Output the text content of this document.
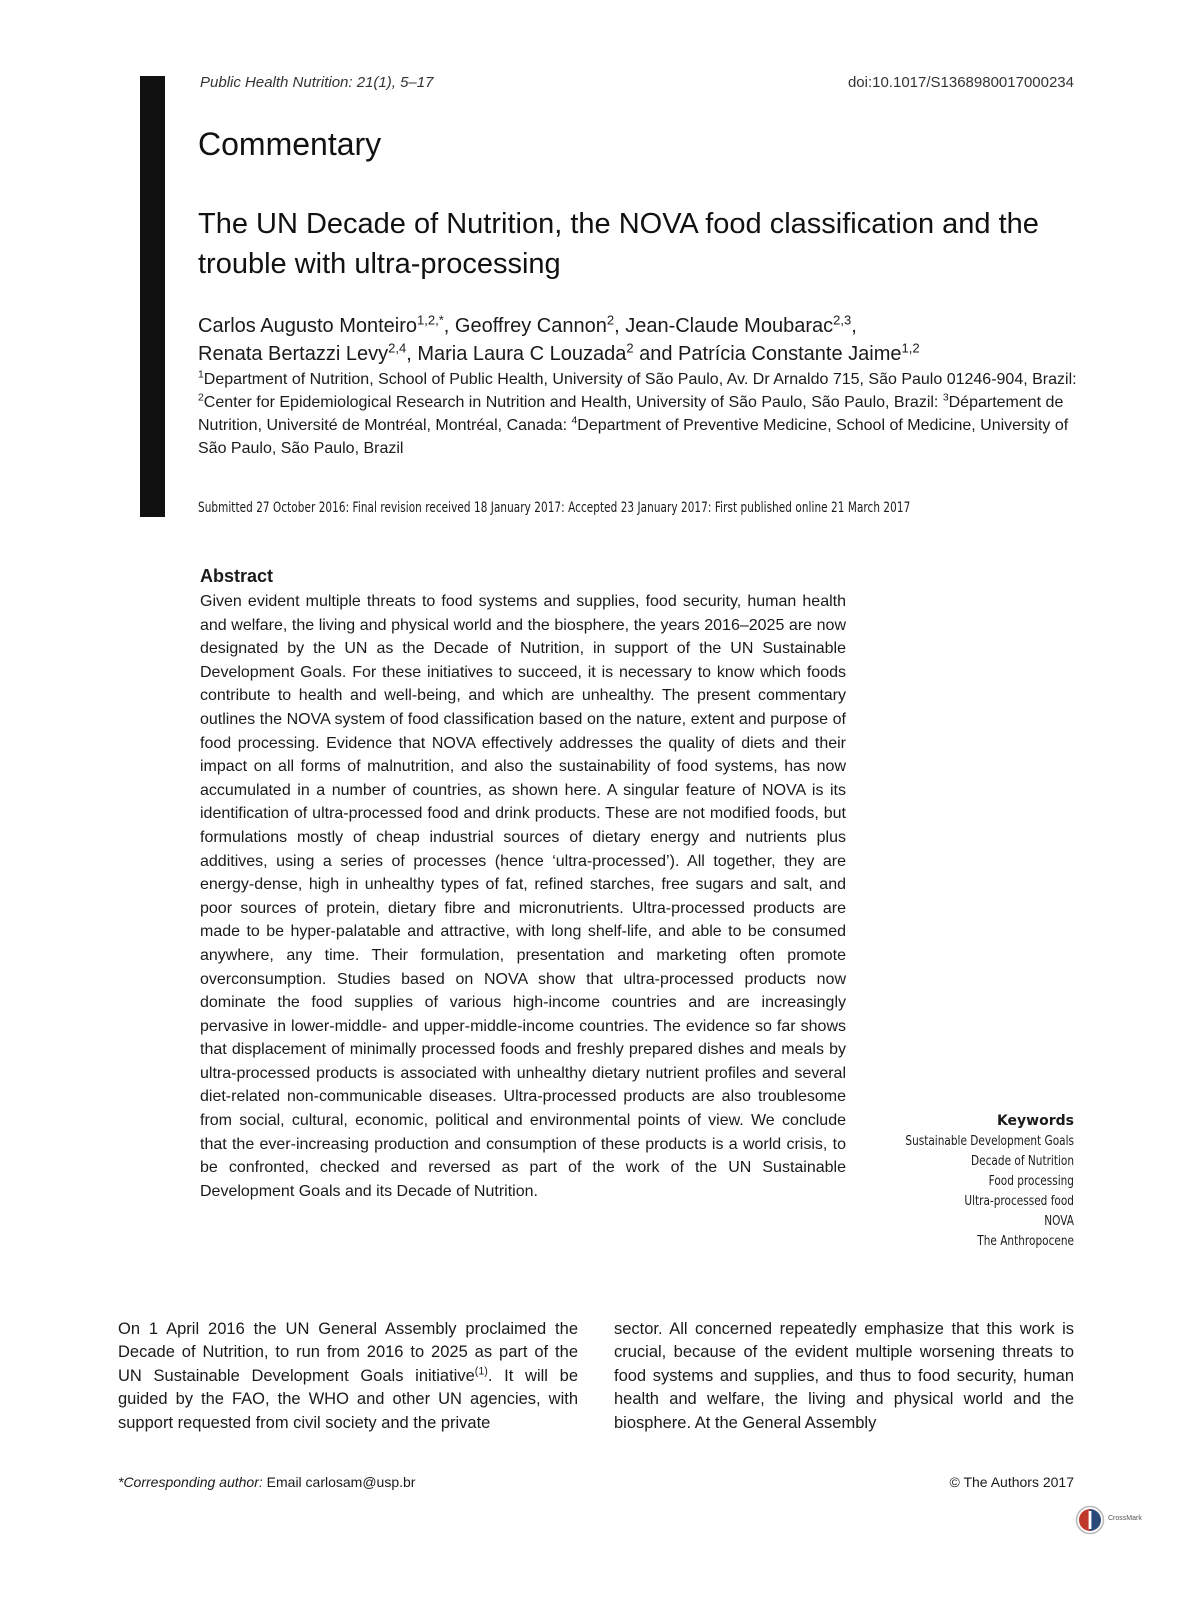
Public Health Nutrition: 21(1), 5–17	doi:10.1017/S1368980017000234
Commentary
The UN Decade of Nutrition, the NOVA food classification and the trouble with ultra-processing
Carlos Augusto Monteiro$^{1,2,*}$, Geoffrey Cannon$^2$, Jean-Claude Moubarac$^{2,3}$,
Renata Bertazzi Levy$^{2,4}$, Maria Laura C Louzada$^2$ and Patrícia Constante Jaime$^{1,2}$
$^1$Department of Nutrition, School of Public Health, University of São Paulo, Av. Dr Arnaldo 715, São Paulo 01246-904, Brazil: $^2$Center for Epidemiological Research in Nutrition and Health, University of São Paulo, São Paulo, Brazil: $^3$Département de Nutrition, Université de Montréal, Montréal, Canada: $^4$Department of Preventive Medicine, School of Medicine, University of São Paulo, São Paulo, Brazil
Submitted 27 October 2016: Final revision received 18 January 2017: Accepted 23 January 2017: First published online 21 March 2017
Abstract
Given evident multiple threats to food systems and supplies, food security, human health and welfare, the living and physical world and the biosphere, the years 2016–2025 are now designated by the UN as the Decade of Nutrition, in support of the UN Sustainable Development Goals. For these initiatives to succeed, it is necessary to know which foods contribute to health and well-being, and which are unhealthy. The present commentary outlines the NOVA system of food classification based on the nature, extent and purpose of food processing. Evidence that NOVA effectively addresses the quality of diets and their impact on all forms of malnutrition, and also the sustainability of food systems, has now accumulated in a number of countries, as shown here. A singular feature of NOVA is its identification of ultra-processed food and drink products. These are not modified foods, but formulations mostly of cheap industrial sources of dietary energy and nutrients plus additives, using a series of processes (hence ‘ultra-processed’). All together, they are energy-dense, high in unhealthy types of fat, refined starches, free sugars and salt, and poor sources of protein, dietary fibre and micronutrients. Ultra-processed products are made to be hyper-palatable and attractive, with long shelf-life, and able to be consumed anywhere, any time. Their formulation, presentation and marketing often promote overconsumption. Studies based on NOVA show that ultra-processed products now dominate the food supplies of various high-income countries and are increasingly pervasive in lower-middle- and upper-middle-income countries. The evidence so far shows that displacement of minimally processed foods and freshly prepared dishes and meals by ultra-processed products is associated with unhealthy dietary nutrient profiles and several diet-related non-communicable diseases. Ultra-processed products are also troublesome from social, cultural, economic, political and environmental points of view. We conclude that the ever-increasing production and consumption of these products is a world crisis, to be confronted, checked and reversed as part of the work of the UN Sustainable Development Goals and its Decade of Nutrition.
Keywords
Sustainable Development Goals
Decade of Nutrition
Food processing
Ultra-processed food
NOVA
The Anthropocene
On 1 April 2016 the UN General Assembly proclaimed the Decade of Nutrition, to run from 2016 to 2025 as part of the UN Sustainable Development Goals initiative$^{(1)}$. It will be guided by the FAO, the WHO and other UN agencies, with support requested from civil society and the private
sector. All concerned repeatedly emphasize that this work is crucial, because of the evident multiple worsening threats to food systems and supplies, and thus to food security, human health and welfare, the living and physical world and the biosphere. At the General Assembly
*Corresponding author: Email carlosam@usp.br	© The Authors 2017
CrossMark
